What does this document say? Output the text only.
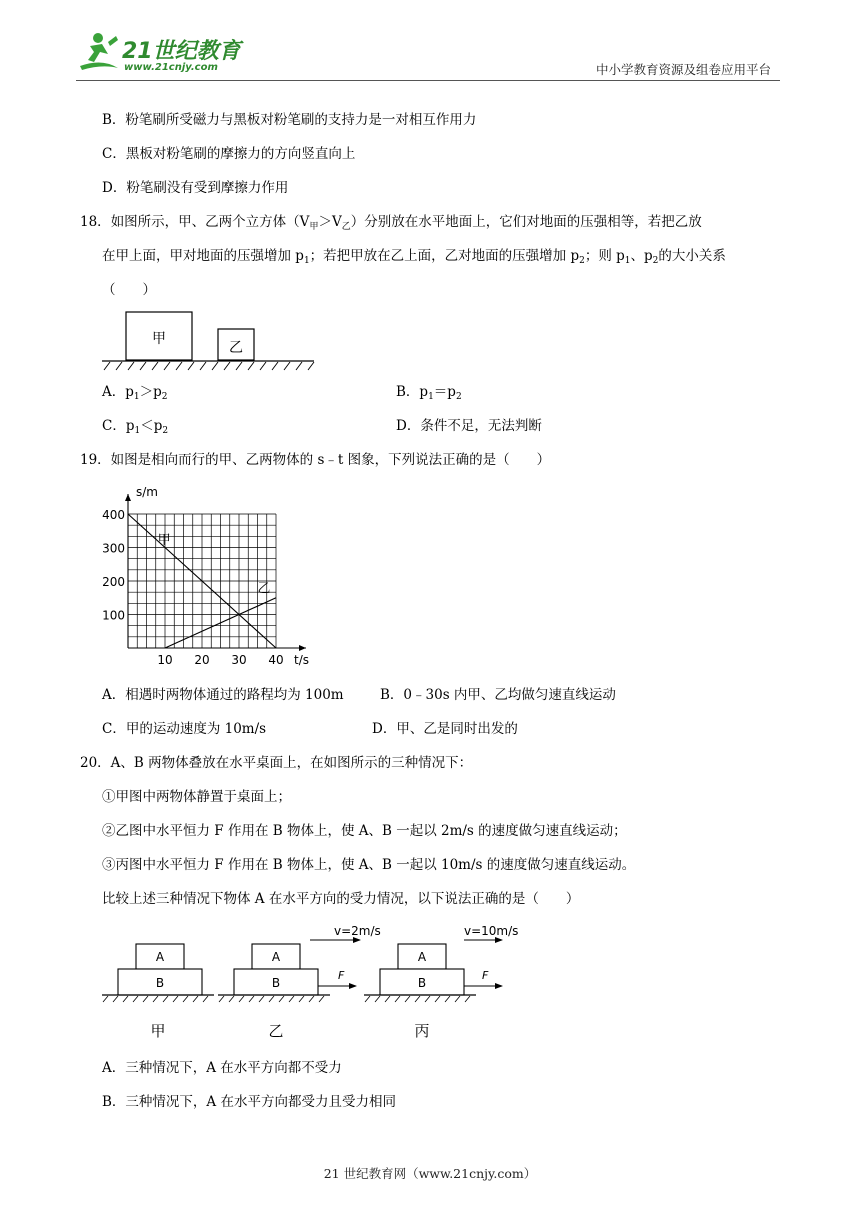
21世纪教育
www.21cnjy.com	中小学教育资源及组卷应用平台
B．粉笔刷所受磁力与黑板对粉笔刷的支持力是一对相互作用力
C．黑板对粉笔刷的摩擦力的方向竖直向上
D．粉笔刷没有受到摩擦力作用
18．如图所示，甲、乙两个立方体$(V_甲>V_乙)$分别放在水平地面上，它们对地面的压强相等，若把乙放
在甲上面，甲对地面的压强增加 $p_1$；若把甲放在乙上面，乙对地面的压强增加 $p_2$；则 $p_1$、$p_2$的大小关系
（　　）
甲
乙
A．$p_1>p_2$	B．$p_1=p_2$
C．$p_1<p_2$	D．条件不足，无法判断
19．如图是相向而行的甲、乙两物体的 s﹣t 图象，下列说法正确的是（　　）
甲
乙
10 20 30 40
100
200
300
400
t/s
s/m
A．相遇时两物体通过的路程均为 100m	B．0﹣30s 内甲、乙均做匀速直线运动
C．甲的运动速度为 10m/s	D．甲、乙是同时出发的
20．A、B 两物体叠放在水平桌面上，在如图所示的三种情况下：
①甲图中两物体静置于桌面上；
②乙图中水平恒力 F 作用在 B 物体上，使 A、B 一起以 2m/s 的速度做匀速直线运动；
③丙图中水平恒力 F 作用在 B 物体上，使 A、B 一起以 10m/s 的速度做匀速直线运动。
比较上述三种情况下物体 A 在水平方向的受力情况，以下说法正确的是（　　）
A
B
甲
A
B
v=2m/s
F
乙
A
B
v=10m/s
F
丙
A．三种情况下，A 在水平方向都不受力
B．三种情况下，A 在水平方向都受力且受力相同
21 世纪教育网（www.21cnjy.com）
